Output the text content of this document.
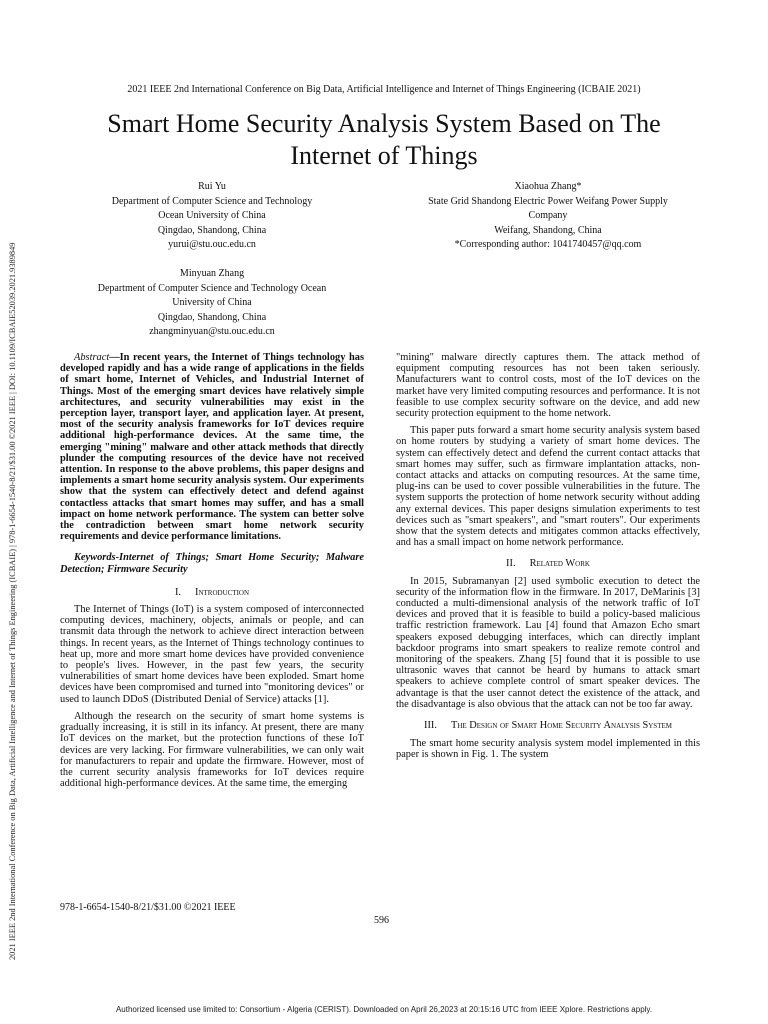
2021 IEEE 2nd International Conference on Big Data, Artificial Intelligence and Internet of Things Engineering (ICBAIE) | 978-1-6654-1540-8/21/$31.00 ©2021 IEEE | DOI: 10.1109/ICBAIE52039.2021.9389849
2021 IEEE 2nd International Conference on Big Data, Artificial Intelligence and Internet of Things Engineering (ICBAIE 2021)
Smart Home Security Analysis System Based on The
Internet of Things
Rui Yu
Department of Computer Science and Technology
Ocean University of China
Qingdao, Shandong, China
yurui@stu.ouc.edu.cn
Xiaohua Zhang*
State Grid Shandong Electric Power Weifang Power Supply
Company
Weifang, Shandong, China
*Corresponding author: 1041740457@qq.com
Minyuan Zhang
Department of Computer Science and Technology Ocean
University of China
Qingdao, Shandong, China
zhangminyuan@stu.ouc.edu.cn

Abstract—In recent years, the Internet of Things technology has developed rapidly and has a wide range of applications in the fields of smart home, Internet of Vehicles, and Industrial Internet of Things. Most of the emerging smart devices have relatively simple architectures, and security vulnerabilities may exist in the perception layer, transport layer, and application layer. At present, most of the security analysis frameworks for IoT devices require additional high-performance devices. At the same time, the emerging "mining" malware and other attack methods that directly plunder the computing resources of the device have not received attention. In response to the above problems, this paper designs and implements a smart home security analysis system. Our experiments show that the system can effectively detect and defend against contactless attacks that smart homes may suffer, and has a small impact on home network performance. The system can better solve the contradiction between smart home network security requirements and device performance limitations.

Keywords-Internet of Things; Smart Home Security; Malware Detection; Firmware Security

I. Introduction

The Internet of Things (IoT) is a system composed of interconnected computing devices, machinery, objects, animals or people, and can transmit data through the network to achieve direct interaction between things. In recent years, as the Internet of Things technology continues to heat up, more and more smart home devices have provided convenience to people's lives. However, in the past few years, the security vulnerabilities of smart home devices have been exploded. Smart home devices have been compromised and turned into "monitoring devices" or used to launch DDoS (Distributed Denial of Service) attacks [1].

Although the research on the security of smart home systems is gradually increasing, it is still in its infancy. At present, there are many IoT devices on the market, but the protection functions of these IoT devices are very lacking. For firmware vulnerabilities, we can only wait for manufacturers to repair and update the firmware. However, most of the current security analysis frameworks for IoT devices require additional high-performance devices. At the same time, the emerging

"mining" malware directly captures them. The attack method of equipment computing resources has not been taken seriously. Manufacturers want to control costs, most of the IoT devices on the market have very limited computing resources and performance. It is not feasible to use complex security software on the device, and add new security protection equipment to the home network.

This paper puts forward a smart home security analysis system based on home routers by studying a variety of smart home devices. The system can effectively detect and defend the current contact attacks that smart homes may suffer, such as firmware implantation attacks, non-contact attacks and attacks on computing resources. At the same time, plug-ins can be used to cover possible vulnerabilities in the future. The system supports the protection of home network security without adding any external devices. This paper designs simulation experiments to test devices such as "smart speakers", and "smart routers". Our experiments show that the system detects and mitigates common attacks effectively, and has a small impact on home network performance.

II. Related Work

In 2015, Subramanyan [2] used symbolic execution to detect the security of the information flow in the firmware. In 2017, DeMarinis [3] conducted a multi-dimensional analysis of the network traffic of IoT devices and proved that it is feasible to build a policy-based malicious traffic restriction framework. Lau [4] found that Amazon Echo smart speakers exposed debugging interfaces, which can directly implant backdoor programs into smart speakers to realize remote control and monitoring of the speakers. Zhang [5] found that it is possible to use ultrasonic waves that cannot be heard by humans to attack smart speakers to achieve complete control of smart speaker devices. The advantage is that the user cannot detect the existence of the attack, and the disadvantage is also obvious that the attack can not be too far away.

III. The Design of Smart Home Security Analysis System

The smart home security analysis system model implemented in this paper is shown in Fig. 1. The system

978-1-6654-1540-8/21/$31.00 ©2021 IEEE
596
Authorized licensed use limited to: Consortium - Algeria (CERIST). Downloaded on April 26,2023 at 20:15:16 UTC from IEEE Xplore. Restrictions apply.
